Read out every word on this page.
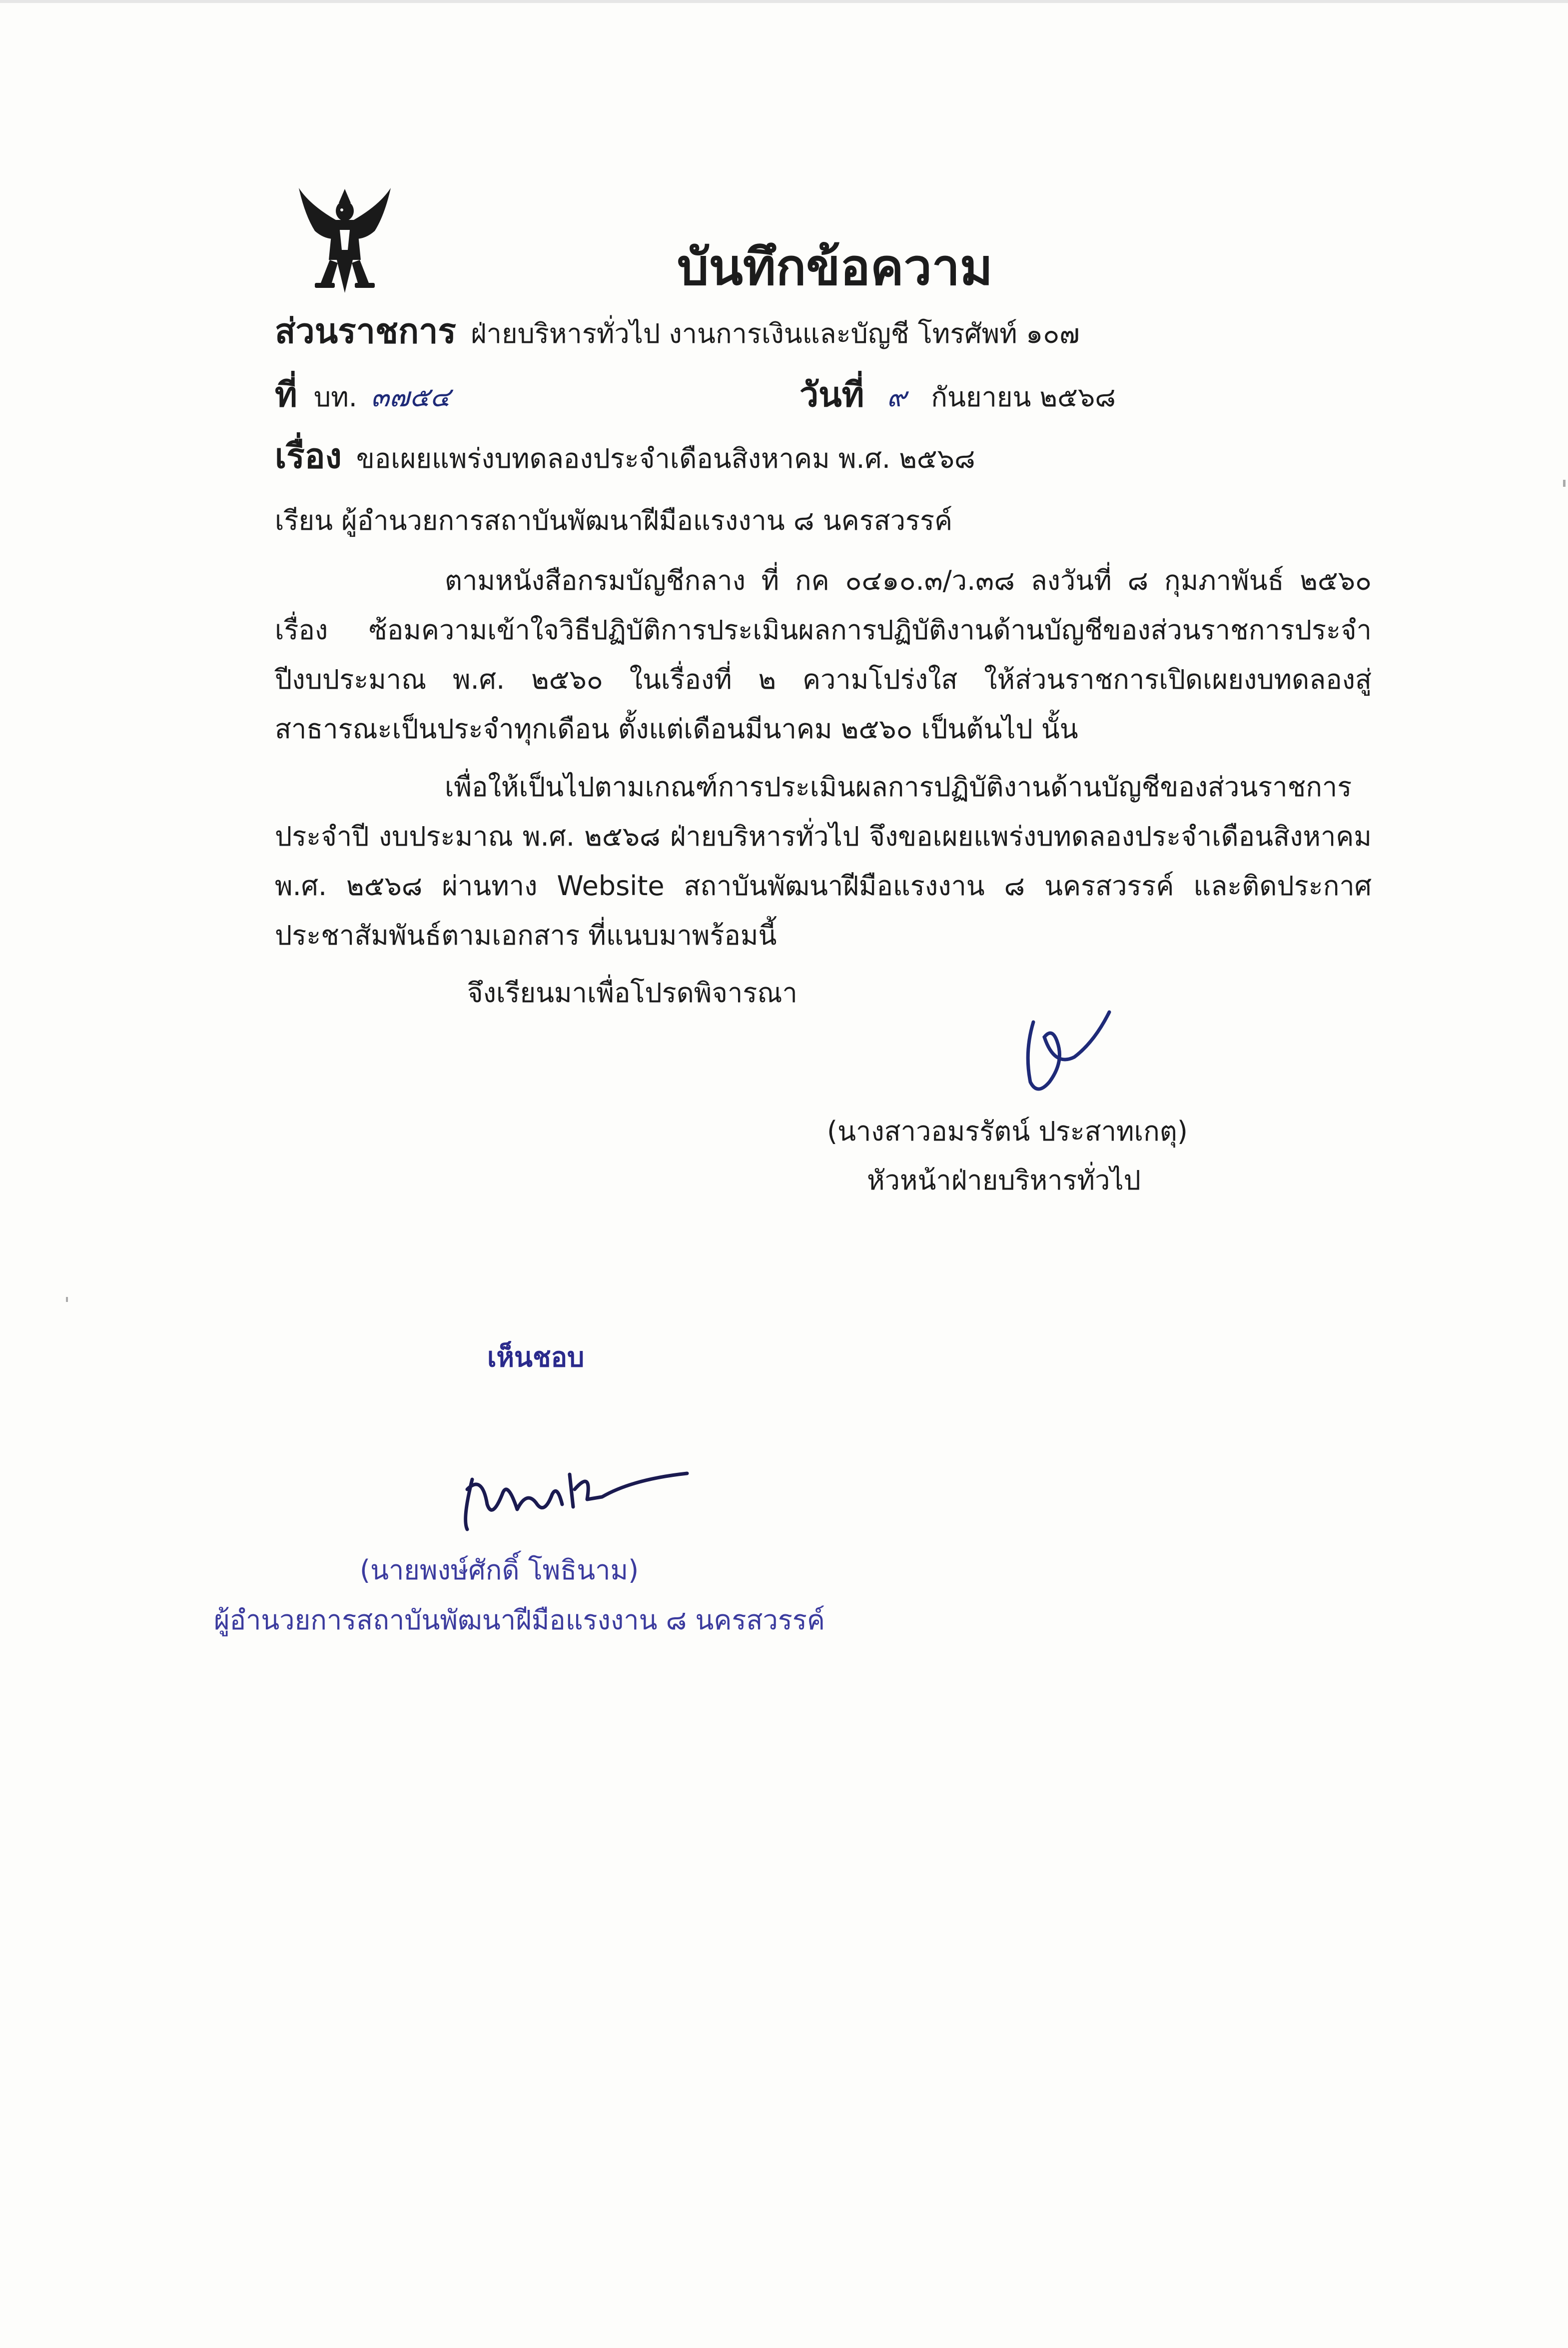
บันทึกข้อความ
ส่วนราชการ ฝ่ายบริหารทั่วไป งานการเงินและบัญชี โทรศัพท์ ๑๐๗
ที่ บท. ๓๗๕๔	วันที่ ๙ กันยายน ๒๕๖๘
เรื่อง ขอเผยแพร่งบทดลองประจำเดือนสิงหาคม พ.ศ. ๒๕๖๘
เรียน ผู้อำนวยการสถาบันพัฒนาฝีมือแรงงาน ๘ นครสวรรค์

ตามหนังสือกรมบัญชีกลาง ที่ กค ๐๔๑๐.๓/ว.๓๘ ลงวันที่ ๘ กุมภาพันธ์ ๒๕๖๐ เรื่อง ซ้อมความเข้าใจวิธีปฏิบัติการประเมินผลการปฏิบัติงานด้านบัญชีของส่วนราชการประจำปีงบประมาณ พ.ศ. ๒๕๖๐ ในเรื่องที่ ๒ ความโปร่งใส ให้ส่วนราชการเปิดเผยงบทดลองสู่สาธารณะเป็นประจำทุกเดือน ตั้งแต่เดือนมีนาคม ๒๕๖๐ เป็นต้นไป นั้น

เพื่อให้เป็นไปตามเกณฑ์การประเมินผลการปฏิบัติงานด้านบัญชีของส่วนราชการประจำปี งบประมาณ พ.ศ. ๒๕๖๘ ฝ่ายบริหารทั่วไป จึงขอเผยแพร่งบทดลองประจำเดือนสิงหาคม พ.ศ. ๒๕๖๘ ผ่านทาง Website สถาบันพัฒนาฝีมือแรงงาน ๘ นครสวรรค์ และติดประกาศประชาสัมพันธ์ตามเอกสาร ที่แนบมาพร้อมนี้

จึงเรียนมาเพื่อโปรดพิจารณา
(นางสาวอมรรัตน์ ประสาทเกตุ)
หัวหน้าฝ่ายบริหารทั่วไป
เห็นชอบ
(นายพงษ์ศักดิ์ โพธินาม)
ผู้อำนวยการสถาบันพัฒนาฝีมือแรงงาน ๘ นครสวรรค์
